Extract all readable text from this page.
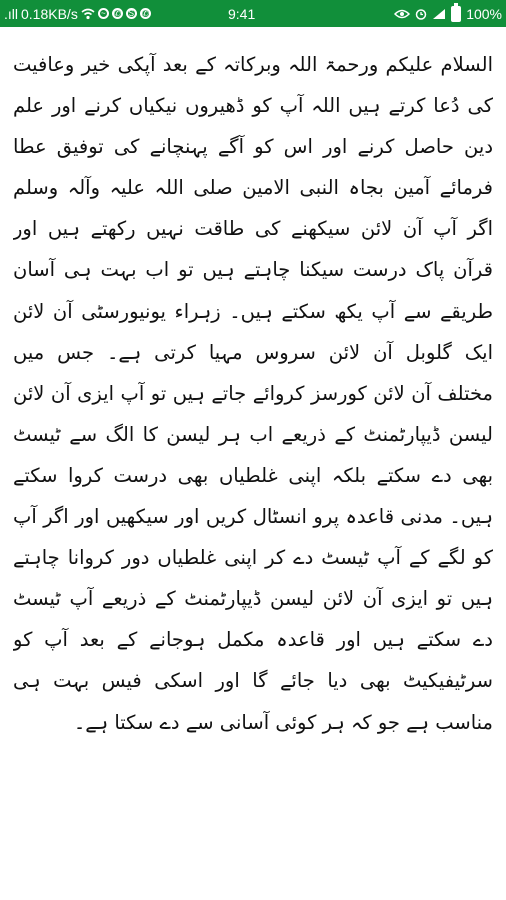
.ıll 0.18KB/s	~	✆ S ✆	9:41	100%
السلام علیکم ورحمۃ اللہ وبرکاتہ کے بعد آپکی خیر وعافیت کی دُعا کرتے ہیں اللہ آپ کو ڈھیروں نیکیاں کرنے اور علم دین حاصل کرنے اور اس کو آگے پہنچانے کی توفیق عطا فرمائے آمین بجاہ النبی الامین صلی اللہ علیہ وآلہ وسلم اگر آپ آن لائن سیکھنے کی طاقت نہیں رکھتے ہیں اور قرآن پاک درست سیکنا چاہتے ہیں تو اب بہت ہی آسان طریقے سے آپ یکھ سکتے ہیں۔ زہراء یونیورسٹی آن لائن ایک گلوبل آن لائن سروس مہیا کرتی ہے۔ جس میں مختلف آن لائن کورسز کروائے جاتے ہیں تو آپ ایزی آن لائن لیسن ڈیپارٹمنٹ کے ذریعے اب ہر لیسن کا الگ سے ٹیسٹ بھی دے سکتے بلکہ اپنی غلطیاں بھی درست کروا سکتے ہیں۔ مدنی قاعدہ پرو انسٹال کریں اور سیکھیں اور اگر آپ کو لگے کے آپ ٹیسٹ دے کر اپنی غلطیاں دور کروانا چاہتے ہیں تو ایزی آن لائن لیسن ڈیپارٹمنٹ کے ذریعے آپ ٹیسٹ دے سکتے ہیں اور قاعدہ مکمل ہوجانے کے بعد آپ کو سرٹیفیکیٹ بھی دیا جائے گا اور اسکی فیس بہت ہی مناسب ہے جو کہ ہر کوئی آسانی سے دے سکتا ہے۔
